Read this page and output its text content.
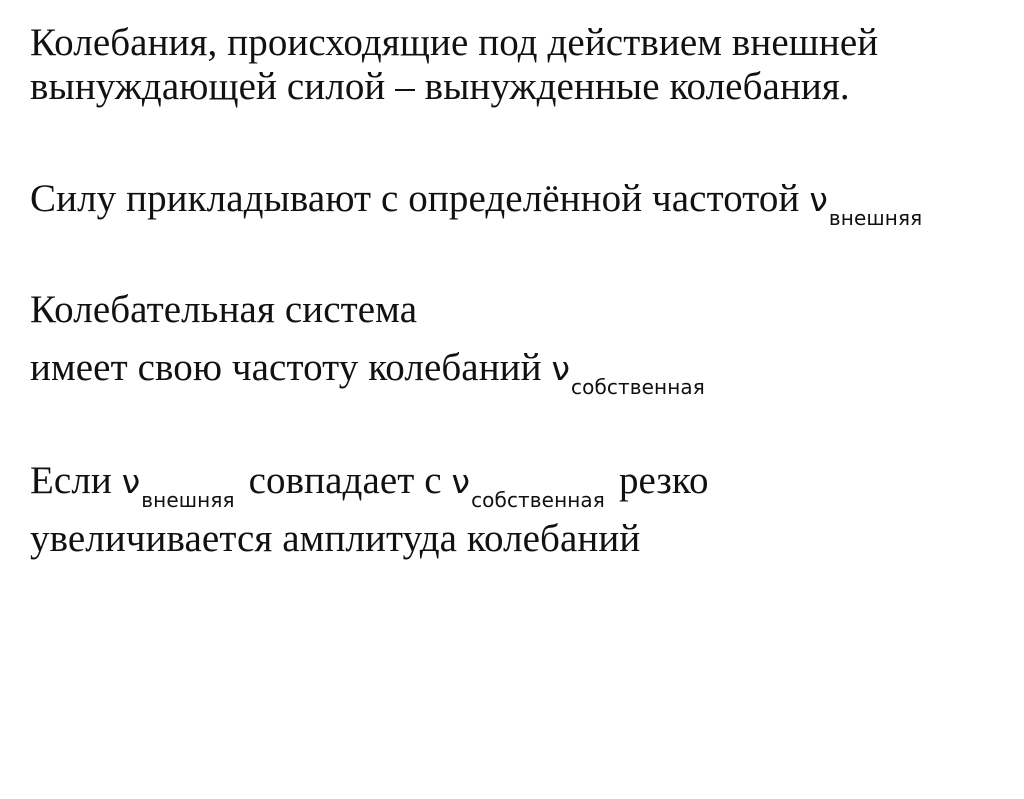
Колебания, происходящие под действием внешней
вынуждающей силой – вынужденные колебания.
Силу прикладывают с определённой частотой $\nu_{внешняя}$
Колебательная система
имеет свою частоту колебаний $\nu_{собственная}$
Если $\nu_{внешняя}$ совпадает с $\nu_{собственная}$ резко
увеличивается амплитуда колебаний
